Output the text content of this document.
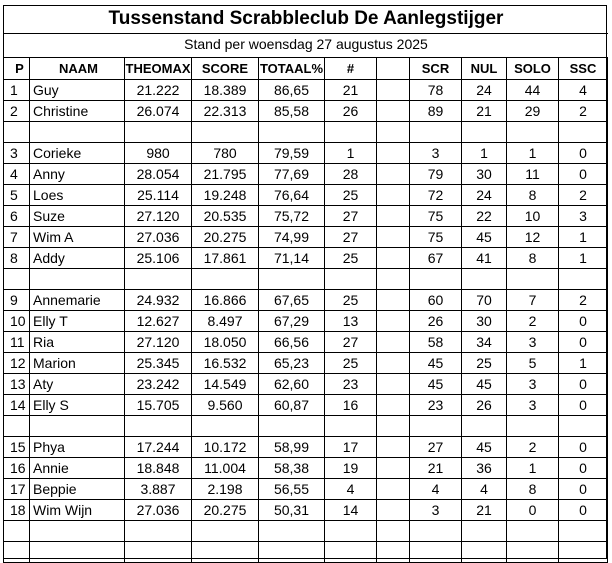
Tussenstand Scrabbleclub De Aanlegstijger
Stand per woensdag 27 augustus 2025
P	NAAM	THEOMAX	SCORE	TOTAAL%	#		SCR	NUL	SOLO	SSC
1	Guy	21.222	18.389	86,65	21		78	24	44	4
2	Christine	26.074	22.313	85,58	26		89	21	29	2

3	Corieke	980	780	79,59	1		3	1	1	0
4	Anny	28.054	21.795	77,69	28		79	30	11	0
5	Loes	25.114	19.248	76,64	25		72	24	8	2
6	Suze	27.120	20.535	75,72	27		75	22	10	3
7	Wim A	27.036	20.275	74,99	27		75	45	12	1
8	Addy	25.106	17.861	71,14	25		67	41	8	1

9	Annemarie	24.932	16.866	67,65	25		60	70	7	2
10	Elly T	12.627	8.497	67,29	13		26	30	2	0
11	Ria	27.120	18.050	66,56	27		58	34	3	0
12	Marion	25.345	16.532	65,23	25		45	25	5	1
13	Aty	23.242	14.549	62,60	23		45	45	3	0
14	Elly S	15.705	9.560	60,87	16		23	26	3	0

15	Phya	17.244	10.172	58,99	17		27	45	2	0
16	Annie	18.848	11.004	58,38	19		21	36	1	0
17	Beppie	3.887	2.198	56,55	4		4	4	8	0
18	Wim Wijn	27.036	20.275	50,31	14		3	21	0	0
